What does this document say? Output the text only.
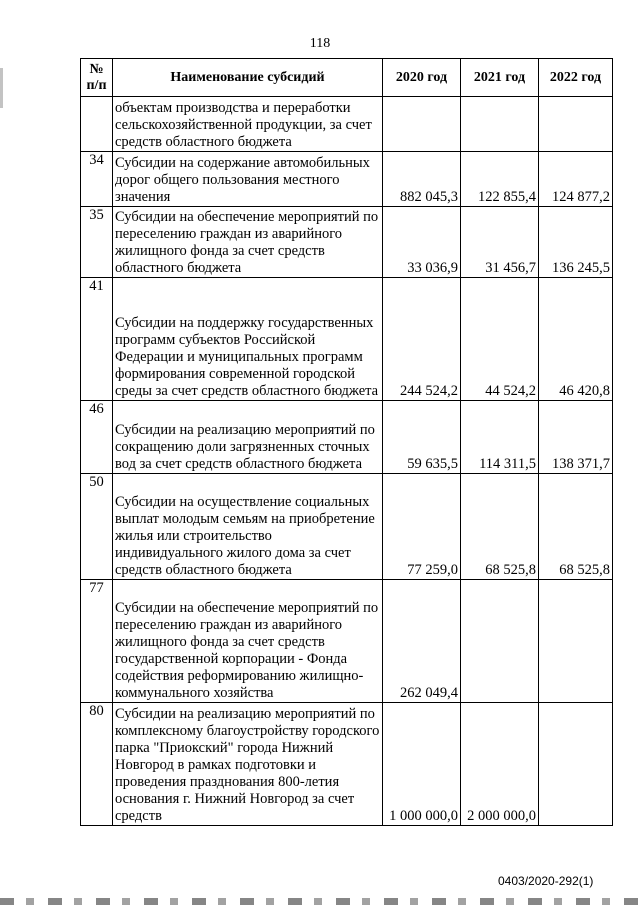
118
№ п/п	Наименование субсидий	2020 год	2021 год	2022 год
	объектам производства и переработки сельскохозяйственной продукции, за счет средств областного бюджета			
34	Субсидии на содержание автомобильных дорог общего пользования местного значения	882 045,3	122 855,4	124 877,2
35	Субсидии на обеспечение мероприятий по переселению граждан из аварийного жилищного фонда за счет средств областного бюджета	33 036,9	31 456,7	136 245,5
41	Субсидии на поддержку государственных программ субъектов Российской Федерации и муниципальных программ формирования современной городской среды за счет средств областного бюджета	244 524,2	44 524,2	46 420,8
46	Субсидии на реализацию мероприятий по сокращению доли загрязненных сточных вод за счет средств областного бюджета	59 635,5	114 311,5	138 371,7
50	Субсидии на осуществление социальных выплат молодым семьям на приобретение жилья или строительство индивидуального жилого дома за счет средств областного бюджета	77 259,0	68 525,8	68 525,8
77	Субсидии на обеспечение мероприятий по переселению граждан из аварийного жилищного фонда за счет средств государственной корпорации - Фонда содействия реформированию жилищно-коммунального хозяйства	262 049,4		
80	Субсидии на реализацию мероприятий по комплексному благоустройству городского парка "Приокский" города Нижний Новгород в рамках подготовки и проведения празднования 800-летия основания г. Нижний Новгород за счет средств	1 000 000,0	2 000 000,0	
0403/2020-292(1)
